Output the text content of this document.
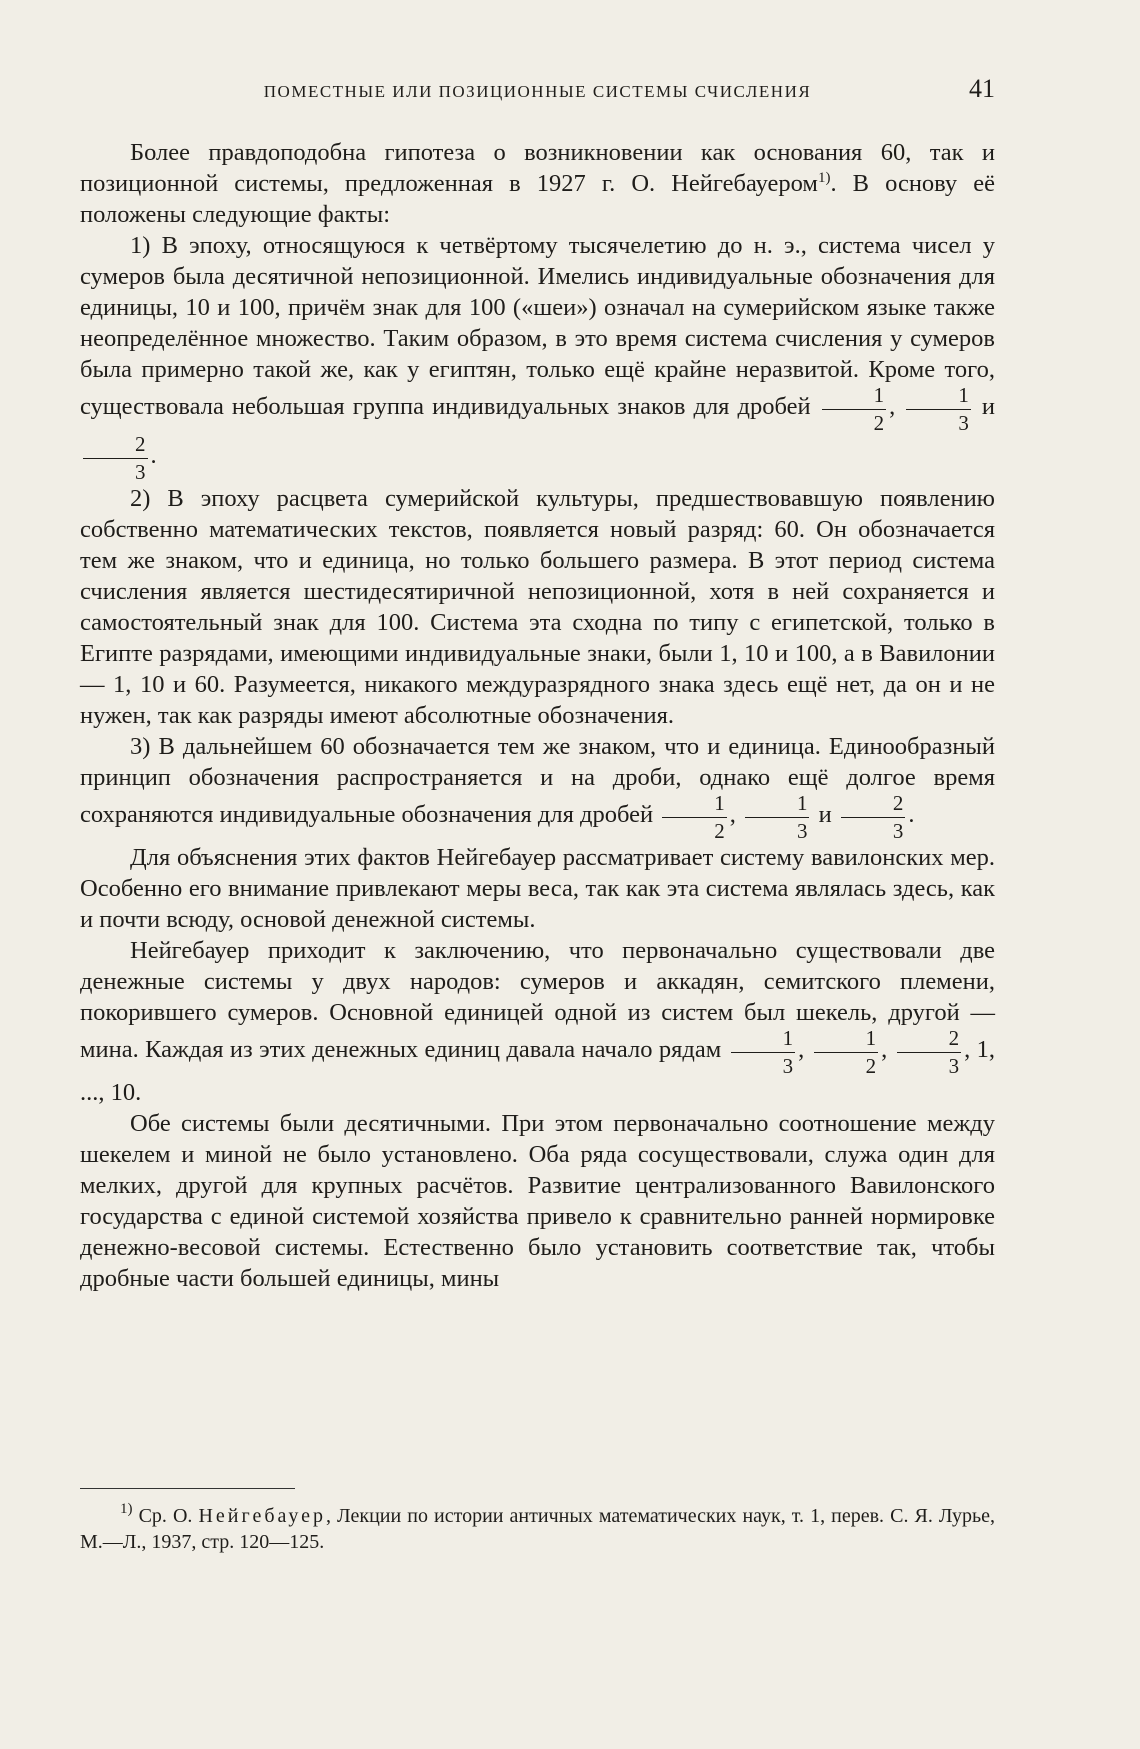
ПОМЕСТНЫЕ ИЛИ ПОЗИЦИОННЫЕ СИСТЕМЫ СЧИСЛЕНИЯ	41

Более правдоподобна гипотеза о возникновении как основания 60, так и позиционной системы, предложенная в 1927 г. О. Нейгебауером$^{1)}$. В основу её положены следующие факты:

1) В эпоху, относящуюся к четвёртому тысячелетию до н. э., система чисел у сумеров была десятичной непозиционной. Имелись индивидуальные обозначения для единицы, 10 и 100, причём знак для 100 («шеи») означал на сумерийском языке также неопределённое множество. Таким образом, в это время система счисления у сумеров была примерно такой же, как у египтян, только ещё крайне неразвитой. Кроме того, существовала небольшая группа индивидуальных знаков для дробей $\frac{1}{2}$ , $\frac{1}{3}$ и
$\frac{2}{3}$ .

2) В эпоху расцвета сумерийской культуры, предшествовавшую появлению собственно математических текстов, появляется новый разряд: 60. Он обозначается тем же знаком, что и единица, но только большего размера. В этот период система счисления является шестидесятиричной непозиционной, хотя в ней сохраняется и самостоятельный знак для 100. Система эта сходна по типу с египетской, только в Египте разрядами, имеющими индивидуальные знаки, были 1, 10 и 100, а в Вавилонии — 1, 10 и 60. Разумеется, никакого междуразрядного знака здесь ещё нет, да он и не нужен, так как разряды имеют абсолютные обозначения.

3) В дальнейшем 60 обозначается тем же знаком, что и единица. Единообразный принцип обозначения распространяется и на дроби, однако ещё долгое время сохраняются индивидуальные обозначения для дробей $\frac{1}{2}$ , $\frac{1}{3}$ и $\frac{2}{3}$ .

Для объяснения этих фактов Нейгебауер рассматривает систему вавилонских мер. Особенно его внимание привлекают меры веса, так как эта система являлась здесь, как и почти всюду, основой денежной системы.

Нейгебауер приходит к заключению, что первоначально существовали две денежные системы у двух народов: сумеров и аккадян, семитского племени, покорившего сумеров. Основной единицей одной из систем был шекель, другой — мина. Каждая из этих денежных единиц давала начало рядам $\frac{1}{3}$ , $\frac{1}{2}$ , $\frac{2}{3}$ , 1, ..., 10.

Обе системы были десятичными. При этом первоначально соотношение между шекелем и миной не было установлено. Оба ряда сосуществовали, служа один для мелких, другой для крупных расчётов. Развитие централизованного Вавилонского государства с единой системой хозяйства привело к сравнительно ранней нормировке денежно-весовой системы. Естественно было установить соответствие так, чтобы дробные части большей единицы, мины

$^{1)}$ Ср. О. Нейгебауер, Лекции по истории античных математических наук, т. 1, перев. С. Я. Лурье, М.—Л., 1937, стр. 120—125.
